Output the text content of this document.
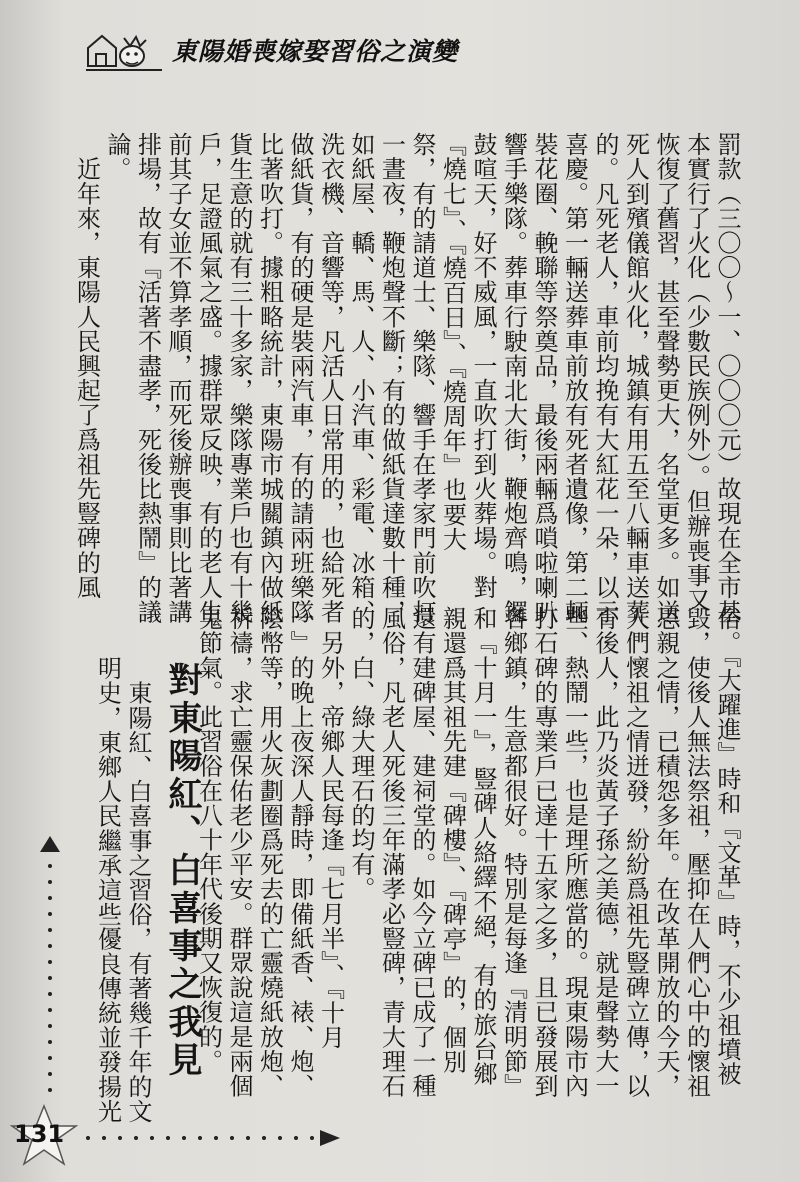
東陽婚喪嫁娶習俗之演變
罰款（三〇〇〜一、〇〇〇元）故現在全市基
本實行了火化（少數民族例外）。但辦喪事又
恢復了舊習，甚至聲勢更大，名堂更多。如送
死人到殯儀館火化，城鎮有用五至八輛車送葬
的。凡死老人，車前均挽有大紅花一朵，以示
喜慶。第一輛送葬車前放有死者遺像，第二輛
裝花圈、輓聯等祭奠品，最後兩輛爲嗩啦喇叭
響手樂隊。葬車行駛南北大街，鞭炮齊鳴，鑼
鼓喧天，好不威風，一直吹打到火葬場。對
『燒七』、『燒百日』、『燒周年』也要大
祭，有的請道士、樂隊、響手在孝家門前吹打
一晝夜，鞭炮聲不斷；有的做紙貨達數十種，
如紙屋、轎、馬、人、小汽車、彩電、冰箱、
洗衣機、音響等，凡活人日常用的，也給死者
做紙貨，有的硬是裝兩汽車，有的請兩班樂隊
比著吹打。據粗略統計，東陽市城關鎮內做紙
貨生意的就有三十多家，樂隊專業戶也有十幾
戶，足證風氣之盛。據群眾反映，有的老人生
前其子女並不算孝順，而死後辦喪事則比著講
排場，故有『活著不盡孝，死後比熱鬧』的議
論。
　近年來，東陽人民興起了爲祖先豎碑的風
俗。『大躍進』時和『文革』時，不少祖墳被
毀，使後人無法祭祖，壓抑在人們心中的懷祖
思親之情，已積怨多年。在改革開放的今天，
人們懷祖之情迸發，紛紛爲祖先豎碑立傳，以
育後人，此乃炎黃子孫之美德，就是聲勢大一
些、熱鬧一些，也是理所應當的。現東陽市內
打石碑的專業戶已達十五家之多，且已發展到
各鄉鎮，生意都很好。特別是每逢『清明節』
和『十月一』，豎碑人絡繹不絕，有的旅台鄉
親還爲其祖先建『碑樓』、『碑亭』的，個別
還有建碑屋、建祠堂的。如今立碑已成了一種
風俗，凡老人死後三年滿孝必豎碑，青大理石
的，白、綠大理石的均有。
　另外，帝鄉人民每逢『七月半』、『十月
一』的晚上夜深人靜時，即備紙香、裱、炮、
陰幣等，用火灰劃圈爲死去的亡靈燒紙放炮、
祈禱，求亡靈保佑老少平安。群眾說這是兩個
鬼節氣。此習俗在八十年代後期又恢復的。
對東陽紅、白喜事之我見
　東陽紅、白喜事之習俗，有著幾千年的文
明史，東鄉人民繼承這些優良傳統並發揚光
131
